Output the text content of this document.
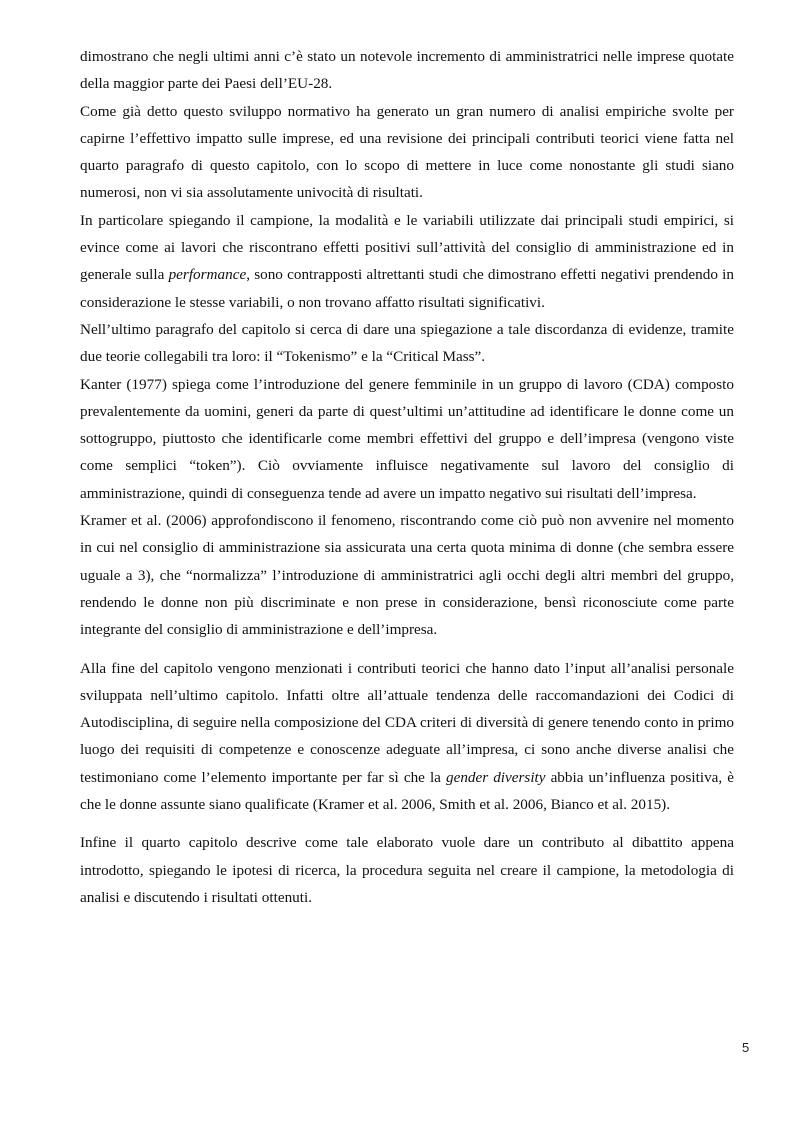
dimostrano che negli ultimi anni c’è stato un notevole incremento di amministratrici nelle imprese quotate della maggior parte dei Paesi dell’EU-28.

Come già detto questo sviluppo normativo ha generato un gran numero di analisi empiriche svolte per capirne l’effettivo impatto sulle imprese, ed una revisione dei principali contributi teorici viene fatta nel quarto paragrafo di questo capitolo, con lo scopo di mettere in luce come nonostante gli studi siano numerosi, non vi sia assolutamente univocità di risultati.

In particolare spiegando il campione, la modalità e le variabili utilizzate dai principali studi empirici, si evince come ai lavori che riscontrano effetti positivi sull’attività del consiglio di amministrazione ed in generale sulla performance, sono contrapposti altrettanti studi che dimostrano effetti negativi prendendo in considerazione le stesse variabili, o non trovano affatto risultati significativi.

Nell’ultimo paragrafo del capitolo si cerca di dare una spiegazione a tale discordanza di evidenze, tramite due teorie collegabili tra loro: il “Tokenismo” e la “Critical Mass”.

Kanter (1977) spiega come l’introduzione del genere femminile in un gruppo di lavoro (CDA) composto prevalentemente da uomini, generi da parte di quest’ultimi un’attitudine ad identificare le donne come un sottogruppo, piuttosto che identificarle come membri effettivi del gruppo e dell’impresa (vengono viste come semplici “token”). Ciò ovviamente influisce negativamente sul lavoro del consiglio di amministrazione, quindi di conseguenza tende ad avere un impatto negativo sui risultati dell’impresa.

Kramer et al. (2006) approfondiscono il fenomeno, riscontrando come ciò può non avvenire nel momento in cui nel consiglio di amministrazione sia assicurata una certa quota minima di donne (che sembra essere uguale a 3), che “normalizza” l’introduzione di amministratrici agli occhi degli altri membri del gruppo, rendendo le donne non più discriminate e non prese in considerazione, bensì riconosciute come parte integrante del consiglio di amministrazione e dell’impresa.

Alla fine del capitolo vengono menzionati i contributi teorici che hanno dato l’input all’analisi personale sviluppata nell’ultimo capitolo. Infatti oltre all’attuale tendenza delle raccomandazioni dei Codici di Autodisciplina, di seguire nella composizione del CDA criteri di diversità di genere tenendo conto in primo luogo dei requisiti di competenze e conoscenze adeguate all’impresa, ci sono anche diverse analisi che testimoniano come l’elemento importante per far sì che la gender diversity abbia un’influenza positiva, è che le donne assunte siano qualificate (Kramer et al. 2006, Smith et al. 2006, Bianco et al. 2015).

Infine il quarto capitolo descrive come tale elaborato vuole dare un contributo al dibattito appena introdotto, spiegando le ipotesi di ricerca, la procedura seguita nel creare il campione, la metodologia di analisi e discutendo i risultati ottenuti.

5
